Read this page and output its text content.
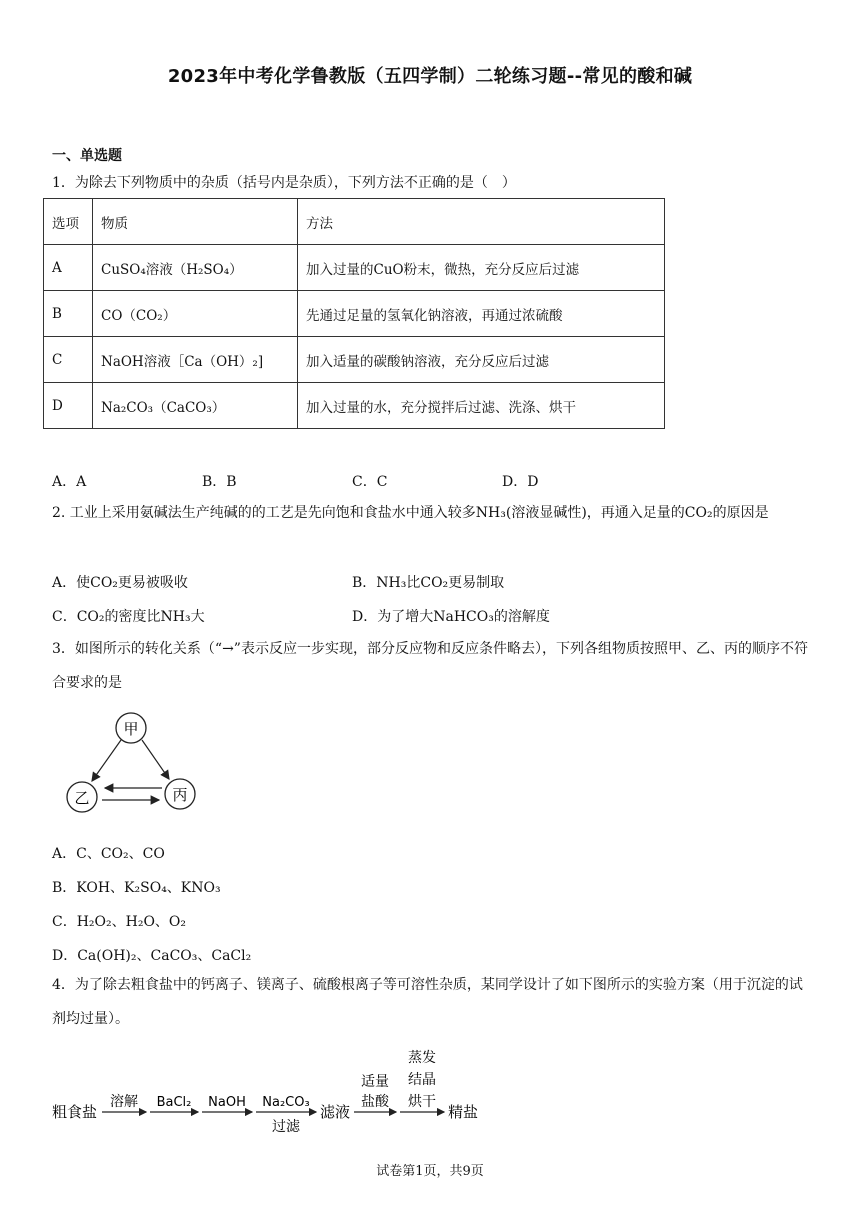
2023年中考化学鲁教版（五四学制）二轮练习题--常见的酸和碱
一、单选题
1．为除去下列物质中的杂质（括号内是杂质），下列方法不正确的是（　）
选项	物质	方法
A	CuSO₄溶液（H₂SO₄）	加入过量的CuO粉末，微热，充分反应后过滤
B	CO（CO₂）	先通过足量的氢氧化钠溶液，再通过浓硫酸
C	NaOH溶液［Ca（OH）₂]	加入适量的碳酸钠溶液，充分反应后过滤
D	Na₂CO₃（CaCO₃）	加入过量的水，充分搅拌后过滤、洗涤、烘干
A．A	B．B	C．C	D．D
2. 工业上采用氨碱法生产纯碱的的工艺是先向饱和食盐水中通入较多NH₃(溶液显碱性)，再通入足量的CO₂的原因是
A．使CO₂更易被吸收	B．NH₃比CO₂更易制取
C．CO₂的密度比NH₃大	D．为了增大NaHCO₃的溶解度
3．如图所示的转化关系（“→”表示反应一步实现，部分反应物和反应条件略去），下列各组物质按照甲、乙、丙的顺序不符合要求的是
甲
乙	丙
A．C、CO₂、CO
B．KOH、K₂SO₄、KNO₃
C．H₂O₂、H₂O、O₂
D．Ca(OH)₂、CaCO₃、CaCl₂
4．为了除去粗食盐中的钙离子、镁离子、硫酸根离子等可溶性杂质，某同学设计了如下图所示的实验方案（用于沉淀的试剂均过量）。
粗食盐
溶解 BaCl₂ NaOH Na₂CO₃
过滤
滤液
适量
盐酸
蒸发
结晶
烘干
精盐
试卷第1页，共9页
